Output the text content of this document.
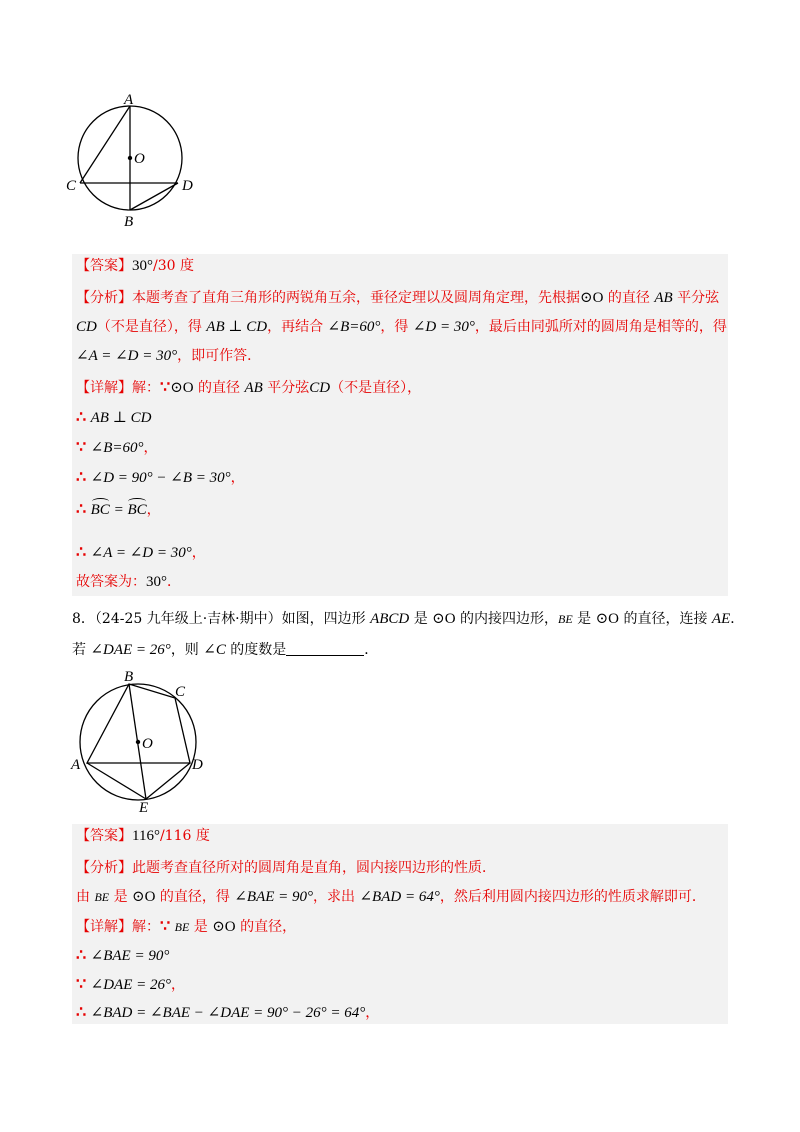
A
O
C	D
B
【答案】30°/30 度
【分析】本题考查了直角三角形的两锐角互余，垂径定理以及圆周角定理，先根据⊙O 的直径 AB 平分弦
CD（不是直径），得 AB ⊥ CD，再结合 ∠B=60°，得 ∠D = 30°，最后由同弧所对的圆周角是相等的，得
∠A = ∠D = 30°，即可作答．
【详解】解：∵⊙O 的直径 AB 平分弦CD（不是直径），
∴ AB ⊥ CD
∵ ∠B=60°，
∴ ∠D = 90° − ∠B = 30°，
∴ BC = BC，
∴ ∠A = ∠D = 30°，
故答案为：30°．
8．（24-25 九年级上·吉林·期中）如图，四边形 ABCD 是 ⊙O 的内接四边形，BE 是 ⊙O 的直径，连接 AE．
若 ∠DAE = 26°，则 ∠C 的度数是	．
B
C
O
A	D
E
【答案】116°/116 度
【分析】此题考查直径所对的圆周角是直角，圆内接四边形的性质．
由 BE 是 ⊙O 的直径，得 ∠BAE = 90°，求出 ∠BAD = 64°，然后利用圆内接四边形的性质求解即可．
【详解】解：∵ BE 是 ⊙O 的直径，
∴ ∠BAE = 90°
∵ ∠DAE = 26°，
∴ ∠BAD = ∠BAE − ∠DAE = 90° − 26° = 64°，
